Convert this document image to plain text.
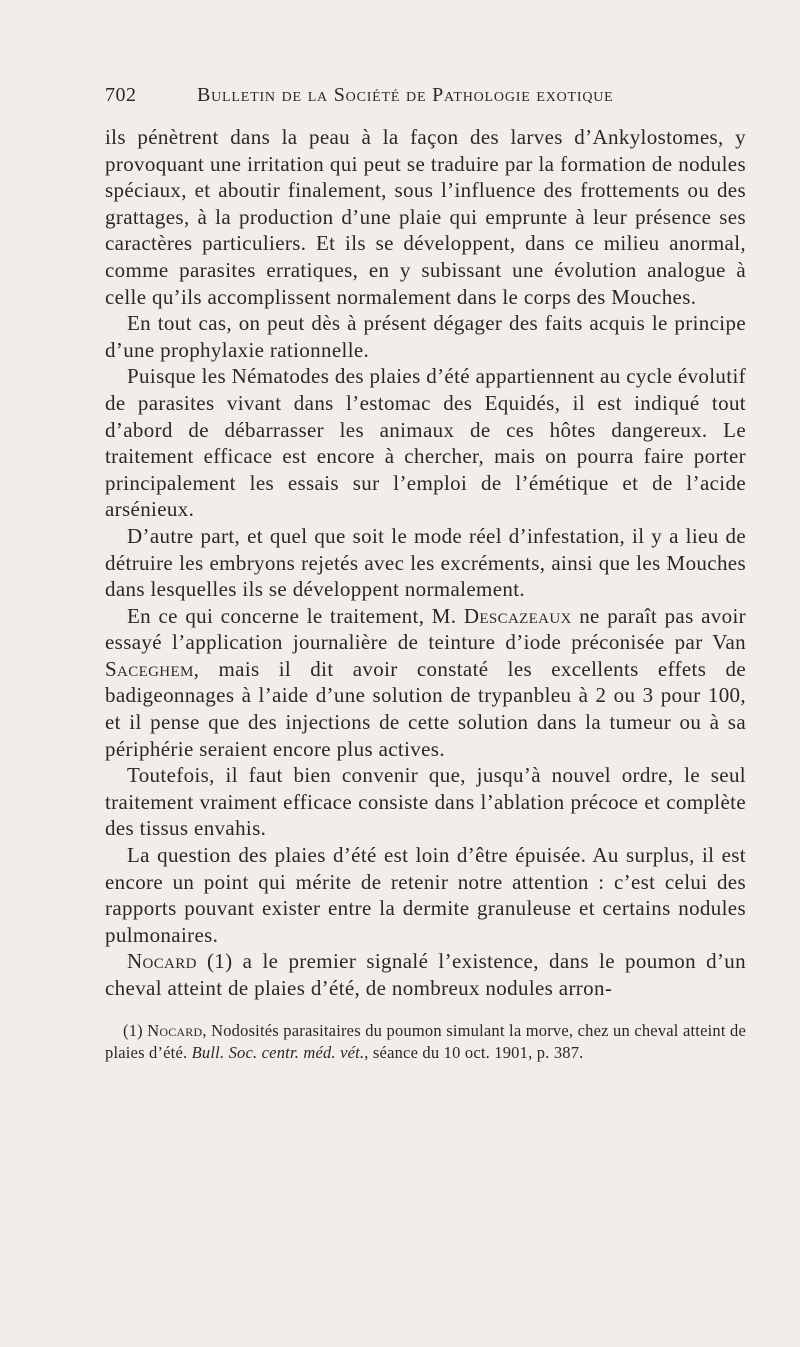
702	Bulletin de la Société de Pathologie exotique

ils pénètrent dans la peau à la façon des larves d’Ankylostomes, y provoquant une irritation qui peut se traduire par la formation de nodules spéciaux, et aboutir finalement, sous l’influence des frottements ou des grattages, à la production d’une plaie qui emprunte à leur présence ses caractères particuliers. Et ils se développent, dans ce milieu anormal, comme parasites erratiques, en y subissant une évolution analogue à celle qu’ils accomplissent normalement dans le corps des Mouches.

En tout cas, on peut dès à présent dégager des faits acquis le principe d’une prophylaxie rationnelle.

Puisque les Nématodes des plaies d’été appartiennent au cycle évolutif de parasites vivant dans l’estomac des Equidés, il est indiqué tout d’abord de débarrasser les animaux de ces hôtes dangereux. Le traitement efficace est encore à chercher, mais on pourra faire porter principalement les essais sur l’emploi de l’émétique et de l’acide arsénieux.

D’autre part, et quel que soit le mode réel d’infestation, il y a lieu de détruire les embryons rejetés avec les excréments, ainsi que les Mouches dans lesquelles ils se développent normalement.

En ce qui concerne le traitement, M. Descazeaux ne paraît pas avoir essayé l’application journalière de teinture d’iode préconisée par Van Saceghem, mais il dit avoir constaté les excellents effets de badigeonnages à l’aide d’une solution de trypanbleu à 2 ou 3 pour 100, et il pense que des injections de cette solution dans la tumeur ou à sa périphérie seraient encore plus actives.

Toutefois, il faut bien convenir que, jusqu’à nouvel ordre, le seul traitement vraiment efficace consiste dans l’ablation précoce et complète des tissus envahis.

La question des plaies d’été est loin d’être épuisée. Au surplus, il est encore un point qui mérite de retenir notre attention : c’est celui des rapports pouvant exister entre la dermite granuleuse et certains nodules pulmonaires.

Nocard (1) a le premier signalé l’existence, dans le poumon d’un cheval atteint de plaies d’été, de nombreux nodules arron-

(1) Nocard, Nodosités parasitaires du poumon simulant la morve, chez un cheval atteint de plaies d’été. Bull. Soc. centr. méd. vét., séance du 10 oct. 1901, p. 387.
